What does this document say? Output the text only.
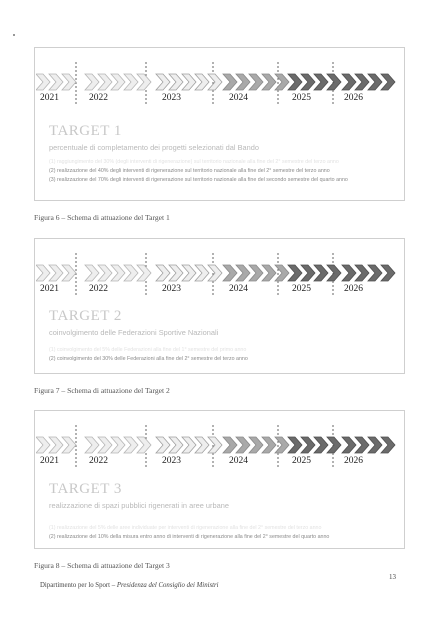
2021	2022	2023	2024	2025	2026
TARGET 1
percentuale di completamento dei progetti selezionati dal Bando
(1) raggiungimento del 30% (degli interventi di rigenerazione) sul territorio nazionale alla fine del 2° semestre del terzo anno
(2) realizzazione del 40% degli interventi di rigenerazione sul territorio nazionale alla fine del 2° semestre del terzo anno
(3) realizzazione del 70% degli interventi di rigenerazione sul territorio nazionale alla fine del secondo semestre del quarto anno
Figura 6 – Schema di attuazione del Target 1
2021	2022	2023	2024	2025	2026
TARGET 2
coinvolgimento delle Federazioni Sportive Nazionali
(1) coinvolgimento del 5% delle Federazioni alla fine del 1° semestre del primo anno
(2) coinvolgimento del 30% delle Federazioni alla fine del 2° semestre del terzo anno
Figura 7 – Schema di attuazione del Target 2
2021	2022	2023	2024	2025	2026
TARGET 3
realizzazione di spazi pubblici rigenerati in aree urbane
(1) realizzazione del 5% delle aree individuate per interventi di rigenerazione alla fine del 2° semestre del terzo anno
(2) realizzazione del 10% della misura entro anno di interventi di rigenerazione alla fine del 2° semestre del quarto anno
Figura 8 – Schema di attuazione del Target 3
Dipartimento per lo Sport – Presidenza del Consiglio dei Ministri
13
